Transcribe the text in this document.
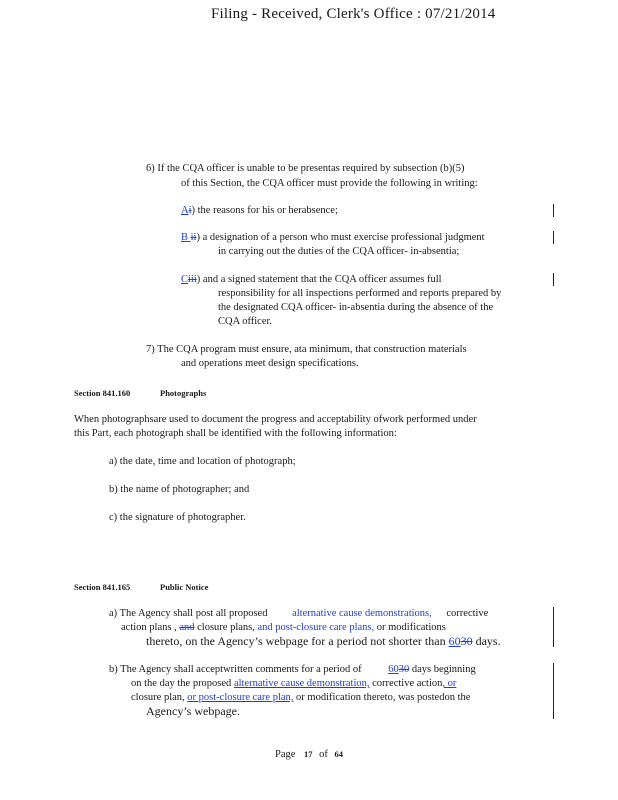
Filing - Received, Clerk's Office : 07/21/2014
6) If the CQA officer is unable to be presentas required by subsection (b)(5)
of this Section, the CQA officer must provide the following in writing:
Ai) the reasons for his or herabsence;
B ii) a designation of a person who must exercise professional judgment
in carrying out the duties of the CQA officer- in-absentia;
Ciii) and a signed statement that the CQA officer assumes full
responsibility for all inspections performed and reports prepared by
the designated CQA officer- in-absentia during the absence of the
CQA officer.
7) The CQA program must ensure, ata minimum, that construction materials
and operations meet design specifications.
Section 841.160	Photographs
When photographsare used to document the progress and acceptability ofwork performed under
this Part, each photograph shall be identified with the following information:
a) the date, time and location of photograph;
b) the name of photographer; and
c) the signature of photographer.
Section 841.165	Public Notice
a) The Agency shall post all proposed alternative cause demonstrations, corrective
action plans , and closure plans, and post-closure care plans, or modifications
thereto, on the Agency’s webpage for a period not shorter than 6030 days.
b) The Agency shall acceptwritten comments for a period of	6030 days beginning
on the day the proposed alternative cause demonstration, corrective action, or
closure plan, or post-closure care plan, or modification thereto, was postedon the
Agency’s webpage.
Page 17 of 64
